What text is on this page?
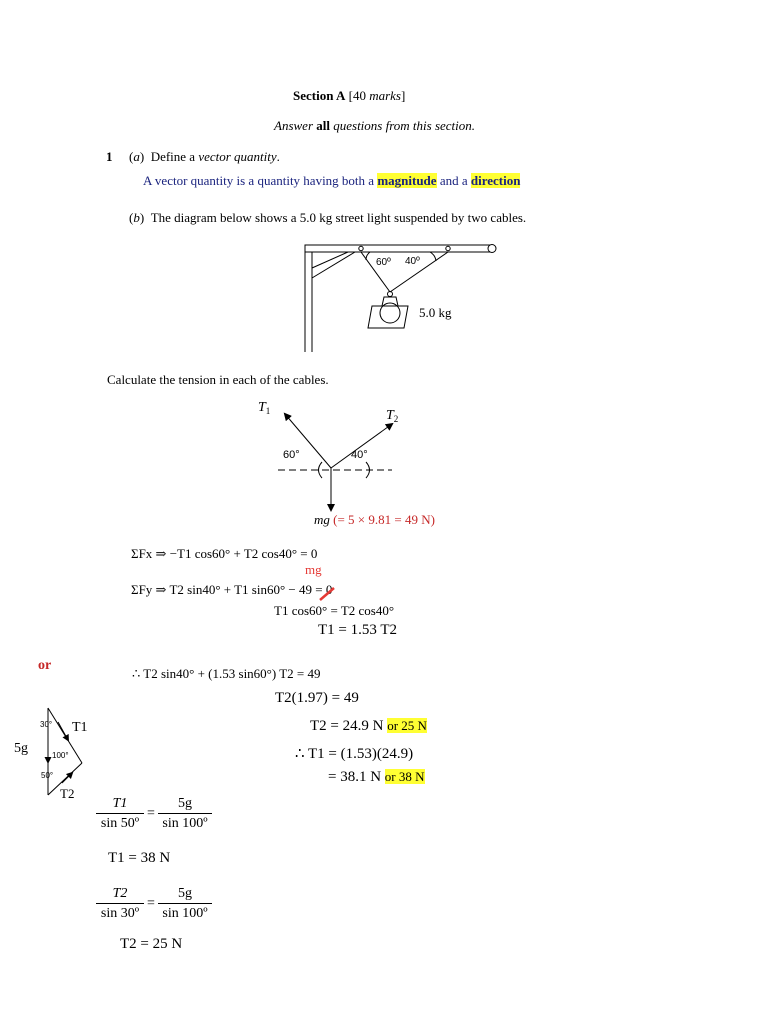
Section A [40 marks]
Answer all questions from this section.
1 (a)  Define a vector quantity.
A vector quantity is a quantity having both a magnitude and a direction
(b)  The diagram below shows a 5.0 kg street light suspended by two cables.
60º 40º
5.0 kg
Calculate the tension in each of the cables.
$T_1$	$T_2$
60°	40°
mg (= 5 × 9.81 = 49 N)
ΣFx ⇒ −T1 cos60° + T2 cos40° = 0
mg
ΣFy ⇒ T2 sin40° + T1 sin60° − 49 = 0
T1 cos60° = T2 cos40°
T1 = 1.53 T2
or
∴ T2 sin40° + (1.53 sin60°) T2 = 49
T2(1.97) = 49
T2 = 24.9 N or 25 N
∴ T1 = (1.53)(24.9)
= 38.1 N or 38 N
30°
100°
50°
5g
T1
T2
T1
sin 50º
=
5g
sin 100º
T1 = 38 N
T2
sin 30º
=
5g
sin 100º
T2 = 25 N
